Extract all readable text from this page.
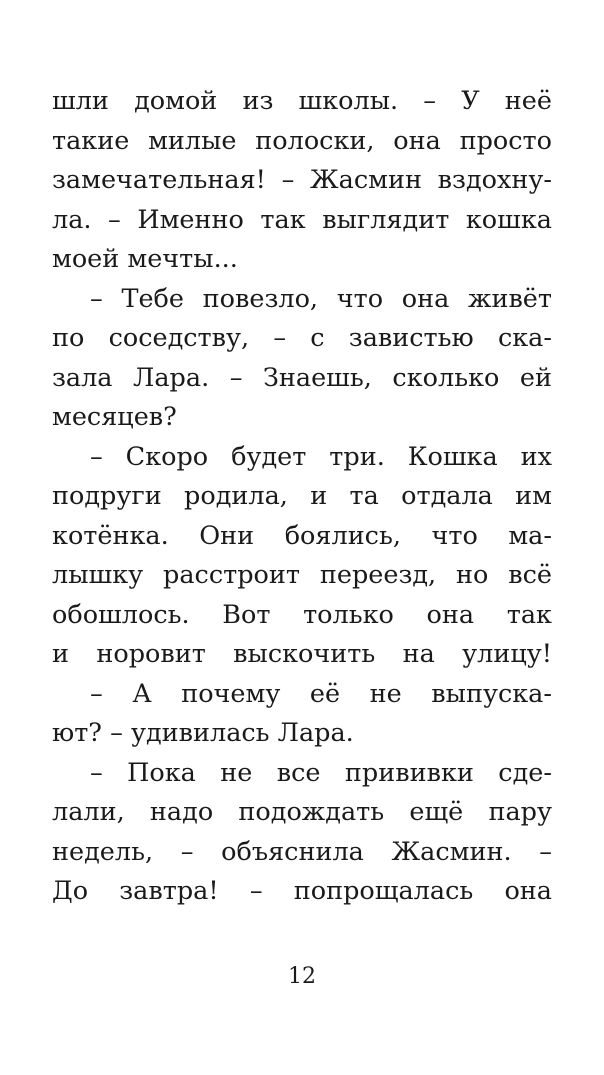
шли домой из школы. – У неё
такие милые полоски, она просто
замечательная! – Жасмин вздохну-
ла. – Именно так выглядит кошка
моей мечты...
– Тебе повезло, что она живёт
по соседству, – с завистью ска-
зала Лара. – Знаешь, сколько ей
месяцев?
– Скоро будет три. Кошка их
подруги родила, и та отдала им
котёнка. Они боялись, что ма-
лышку расстроит переезд, но всё
обошлось. Вот только она так
и норовит выскочить на улицу!
– А почему её не выпуска-
ют? – удивилась Лара.
– Пока не все прививки сде-
лали, надо подождать ещё пару
недель, – объяснила Жасмин. –
До завтра! – попрощалась она
12
